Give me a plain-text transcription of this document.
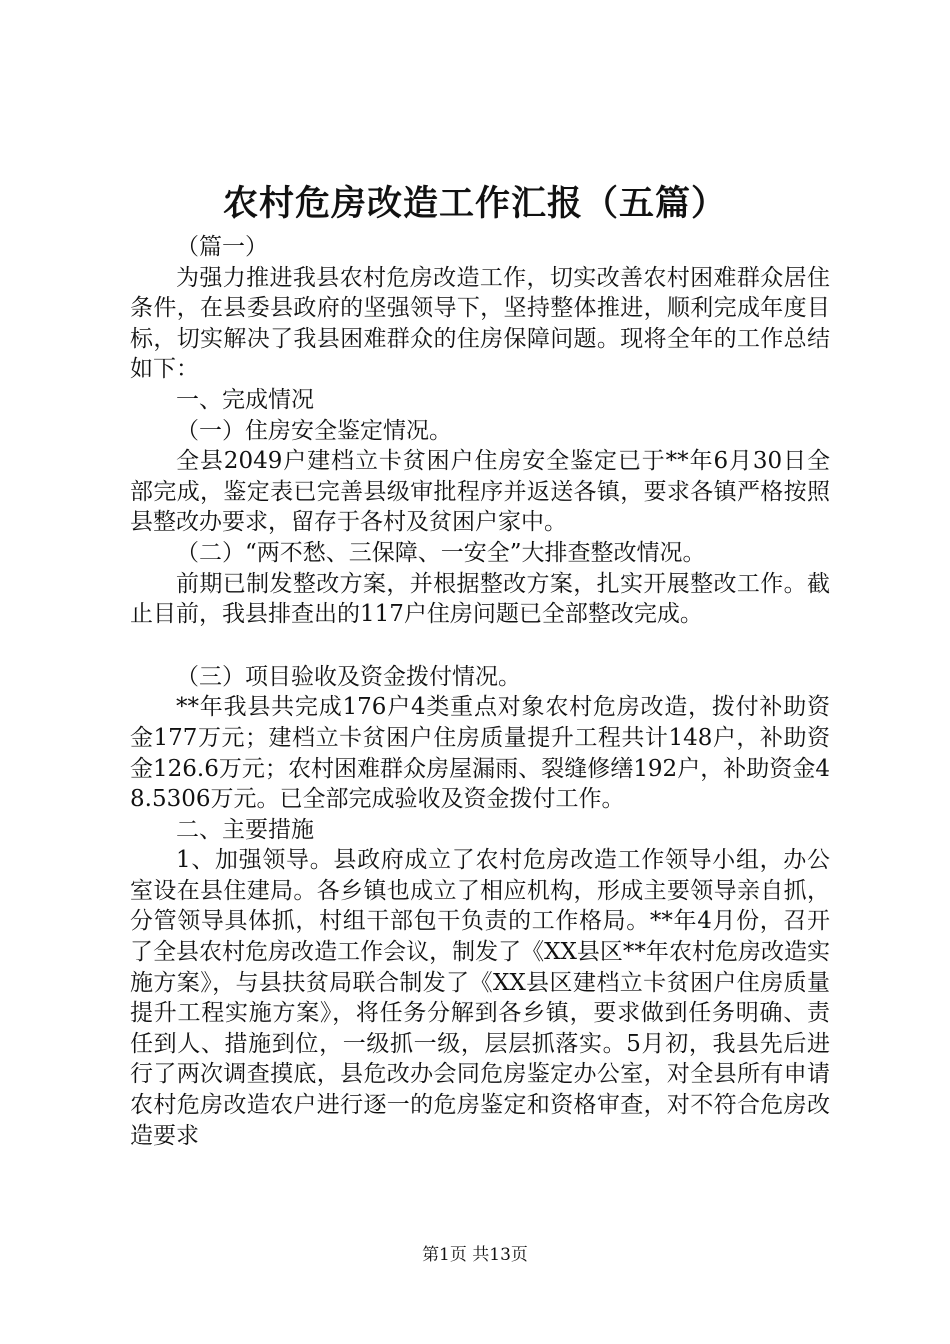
农村危房改造工作汇报（五篇）

（篇一）

为强力推进我县农村危房改造工作，切实改善农村困难群众居住条件，在县委县政府的坚强领导下，坚持整体推进，顺利完成年度目标，切实解决了我县困难群众的住房保障问题。现将全年的工作总结如下：

一、完成情况

（一）住房安全鉴定情况。

全县2049户建档立卡贫困户住房安全鉴定已于**年6月30日全部完成，鉴定表已完善县级审批程序并返送各镇，要求各镇严格按照县整改办要求，留存于各村及贫困户家中。

（二）“两不愁、三保障、一安全”大排查整改情况。

前期已制发整改方案，并根据整改方案，扎实开展整改工作。截止目前，我县排查出的117户住房问题已全部整改完成。

（三）项目验收及资金拨付情况。

**年我县共完成176户4类重点对象农村危房改造，拨付补助资金177万元；建档立卡贫困户住房质量提升工程共计148户，补助资金126.6万元；农村困难群众房屋漏雨、裂缝修缮192户，补助资金48.5306万元。已全部完成验收及资金拨付工作。

二、主要措施

1、加强领导。县政府成立了农村危房改造工作领导小组，办公室设在县住建局。各乡镇也成立了相应机构，形成主要领导亲自抓，分管领导具体抓，村组干部包干负责的工作格局。**年4月份，召开了全县农村危房改造工作会议，制发了《XX县区**年农村危房改造实施方案》，与县扶贫局联合制发了《XX县区建档立卡贫困户住房质量提升工程实施方案》，将任务分解到各乡镇，要求做到任务明确、责任到人、措施到位，一级抓一级，层层抓落实。5月初，我县先后进行了两次调查摸底，县危改办会同危房鉴定办公室，对全县所有申请农村危房改造农户进行逐一的危房鉴定和资格审查，对不符合危房改造要求

第1页 共13页
